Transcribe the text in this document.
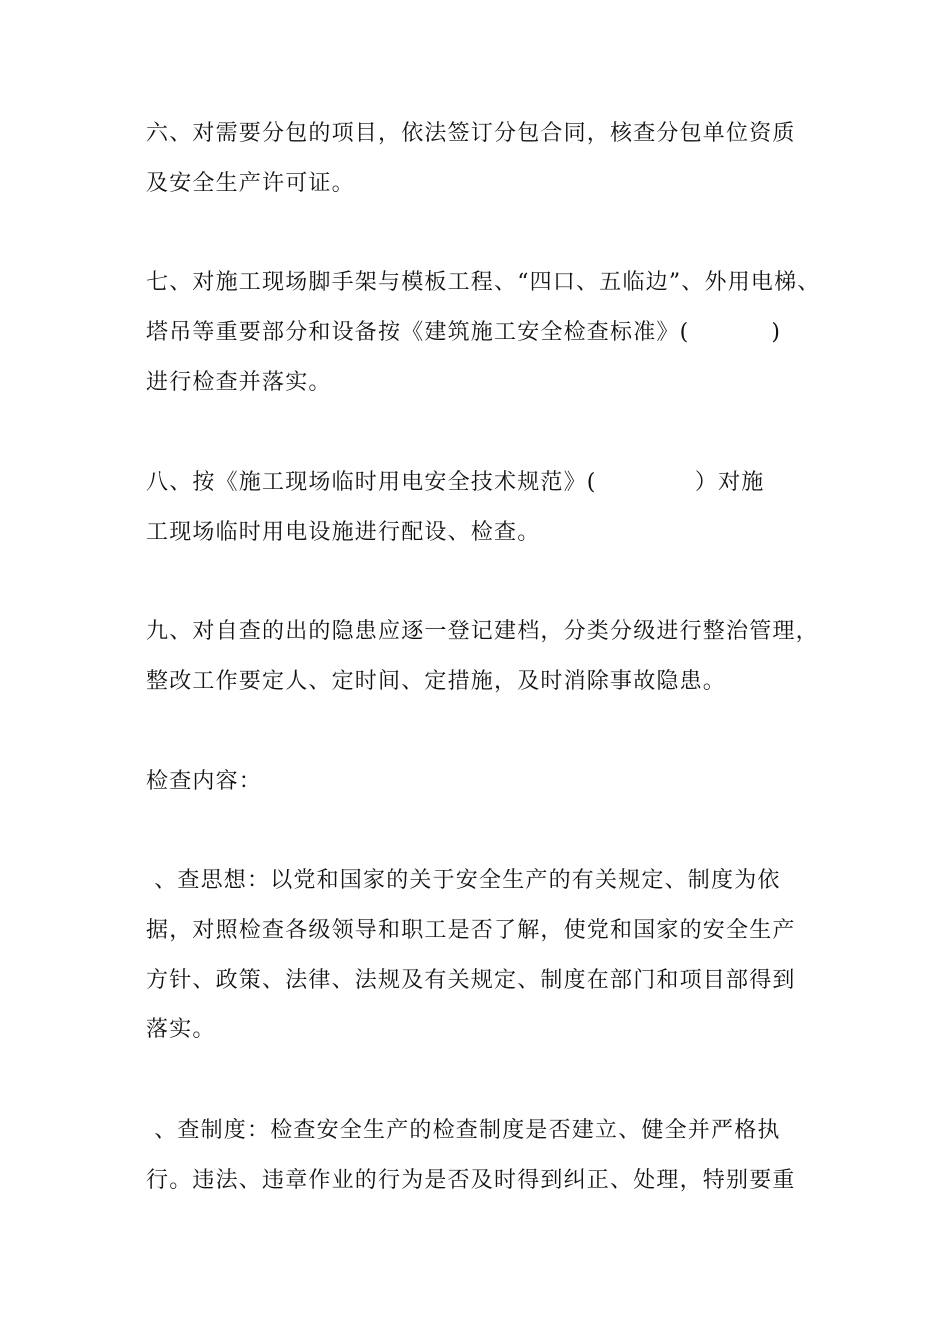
六、对需要分包的项目，依法签订分包合同，核查分包单位资质
及安全生产许可证。
七、对施工现场脚手架与模板工程、“四口、五临边”、外用电梯、
塔吊等重要部分和设备按《建筑施工安全检查标准》(          )
进行检查并落实。
八、按《施工现场临时用电安全技术规范》(            ）对施
工现场临时用电设施进行配设、检查。
九、对自查的出的隐患应逐一登记建档，分类分级进行整治管理，
整改工作要定人、定时间、定措施，及时消除事故隐患。
检查内容：
、查思想：以党和国家的关于安全生产的有关规定、制度为依
据，对照检查各级领导和职工是否了解，使党和国家的安全生产
方针、政策、法律、法规及有关规定、制度在部门和项目部得到
落实。
、查制度：检查安全生产的检查制度是否建立、健全并严格执
行。违法、违章作业的行为是否及时得到纠正、处理，特别要重
